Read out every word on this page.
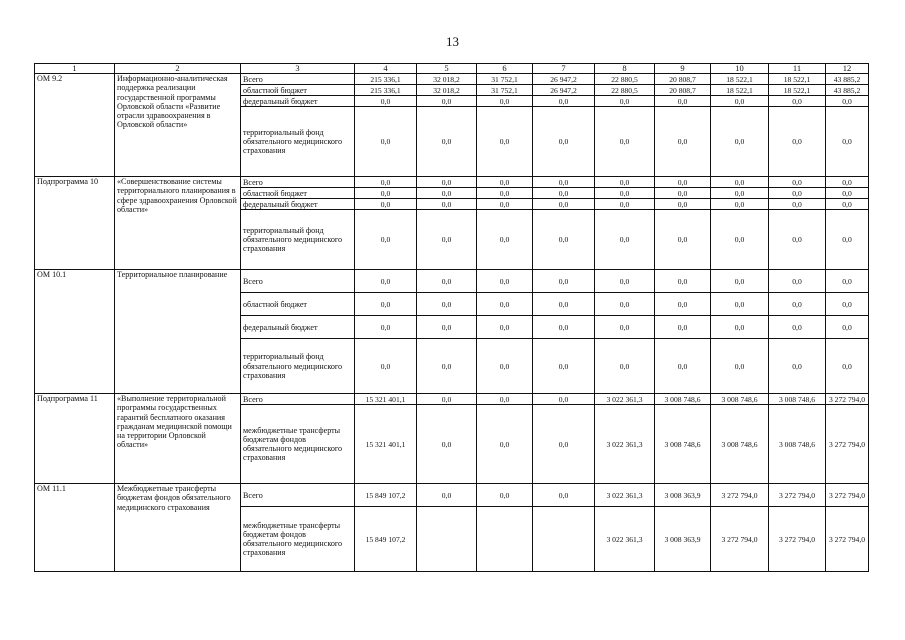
13
1	2	3	4	5	6	7	8	9	10	11	12
ОМ 9.2	Информационно-аналитическая поддержка реализации государственной программы Орловской области «Развитие отрасли здравоохранения в Орловской области»	Всего	215 336,1	32 018,2	31 752,1	26 947,2	22 880,5	20 808,7	18 522,1	18 522,1	43 885,2
		областной бюджет	215 336,1	32 018,2	31 752,1	26 947,2	22 880,5	20 808,7	18 522,1	18 522,1	43 885,2
		федеральный бюджет	0,0	0,0	0,0	0,0	0,0	0,0	0,0	0,0	0,0
		территориальный фонд обязательного медицинского страхования	0,0	0,0	0,0	0,0	0,0	0,0	0,0	0,0	0,0
Подпрограмма 10	«Совершенствование системы территориального планирования в сфере здравоохранения Орловской области»	Всего	0,0	0,0	0,0	0,0	0,0	0,0	0,0	0,0	0,0
		областной бюджет	0,0	0,0	0,0	0,0	0,0	0,0	0,0	0,0	0,0
		федеральный бюджет	0,0	0,0	0,0	0,0	0,0	0,0	0,0	0,0	0,0
		территориальный фонд обязательного медицинского страхования	0,0	0,0	0,0	0,0	0,0	0,0	0,0	0,0	0,0
ОМ 10.1	Территориальное планирование	Всего	0,0	0,0	0,0	0,0	0,0	0,0	0,0	0,0	0,0
		областной бюджет	0,0	0,0	0,0	0,0	0,0	0,0	0,0	0,0	0,0
		федеральный бюджет	0,0	0,0	0,0	0,0	0,0	0,0	0,0	0,0	0,0
		территориальный фонд обязательного медицинского страхования	0,0	0,0	0,0	0,0	0,0	0,0	0,0	0,0	0,0
Подпрограмма 11	«Выполнение территориальной программы государственных гарантий бесплатного оказания гражданам медицинской помощи на территории Орловской области»	Всего	15 321 401,1	0,0	0,0	0,0	3 022 361,3	3 008 748,6	3 008 748,6	3 008 748,6	3 272 794,0
		межбюджетные трансферты бюджетам фондов обязательного медицинского страхования	15 321 401,1	0,0	0,0	0,0	3 022 361,3	3 008 748,6	3 008 748,6	3 008 748,6	3 272 794,0
ОМ 11.1	Межбюджетные трансферты бюджетам фондов обязательного медицинского страхования	Всего	15 849 107,2	0,0	0,0	0,0	3 022 361,3	3 008 363,9	3 272 794,0	3 272 794,0	3 272 794,0
		межбюджетные трансферты бюджетам фондов обязательного медицинского страхования	15 849 107,2				3 022 361,3	3 008 363,9	3 272 794,0	3 272 794,0	3 272 794,0
